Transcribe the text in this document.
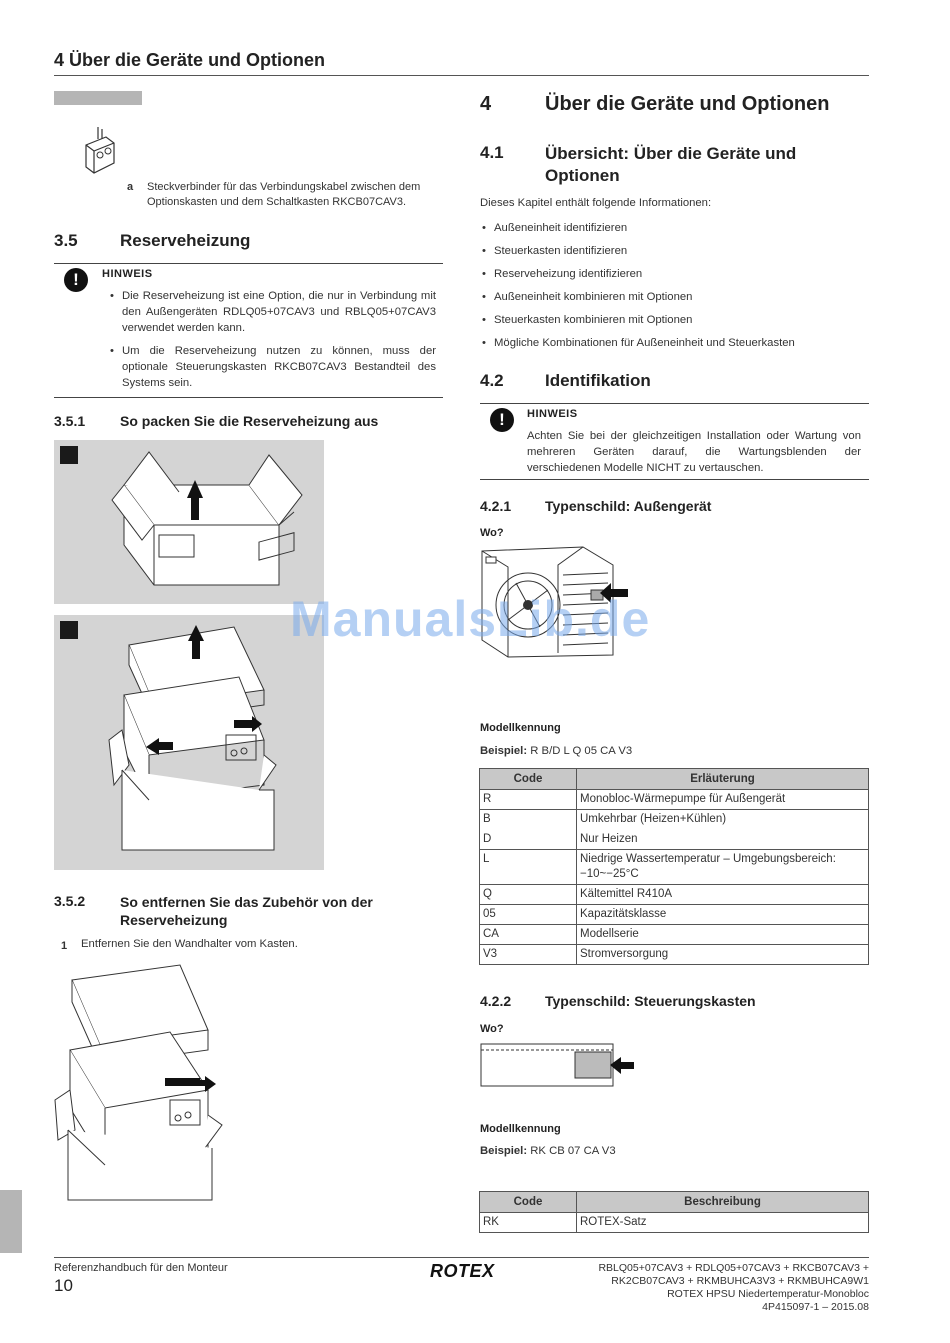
4 Über die Geräte und Optionen
a Steckverbinder für das Verbindungskabel zwischen dem Optionskasten und dem Schaltkasten RKCB07CAV3.
3.5 Reserveheizung
!	HINWEIS
• Die Reserveheizung ist eine Option, die nur in Verbindung mit den Außengeräten RDLQ05+07CAV3 und RBLQ05+07CAV3 verwendet werden kann.
• Um die Reserveheizung nutzen zu können, muss der optionale Steuerungskasten RKCB07CAV3 Bestandteil des Systems sein.
3.5.1 So packen Sie die Reserveheizung aus
3.5.2 So entfernen Sie das Zubehör von der Reserveheizung
1 Entfernen Sie den Wandhalter vom Kasten.
4	Über die Geräte und Optionen
4.1 Übersicht: Über die Geräte und Optionen
Dieses Kapitel enthält folgende Informationen:
• Außeneinheit identifizieren
• Steuerkasten identifizieren
• Reserveheizung identifizieren
• Außeneinheit kombinieren mit Optionen
• Steuerkasten kombinieren mit Optionen
• Mögliche Kombinationen für Außeneinheit und Steuerkasten
4.2 Identifikation
!	HINWEIS
Achten Sie bei der gleichzeitigen Installation oder Wartung von mehreren Geräten darauf, die Wartungsblenden der verschiedenen Modelle NICHT zu vertauschen.
4.2.1 Typenschild: Außengerät
Wo?
Modellkennung
Beispiel: R B/D L Q 05 CA V3
Code	Erläuterung
R	Monobloc-Wärmepumpe für Außengerät
B	Umkehrbar (Heizen+Kühlen)
D	Nur Heizen
L	Niedrige Wassertemperatur – Umgebungsbereich: −10~−25°C
Q	Kältemittel R410A
05	Kapazitätsklasse
CA	Modellserie
V3	Stromversorgung
4.2.2 Typenschild: Steuerungskasten
Wo?
Modellkennung
Beispiel: RK CB 07 CA V3
Code	Beschreibung
RK	ROTEX-Satz
ManualsLib.de
Referenzhandbuch für den Monteur
10
ROTEX	RBLQ05+07CAV3 + RDLQ05+07CAV3 + RKCB07CAV3 +
RK2CB07CAV3 + RKMBUHCA3V3 + RKMBUHCA9W1
ROTEX HPSU Niedertemperatur-Monobloc
4P415097-1 – 2015.08
